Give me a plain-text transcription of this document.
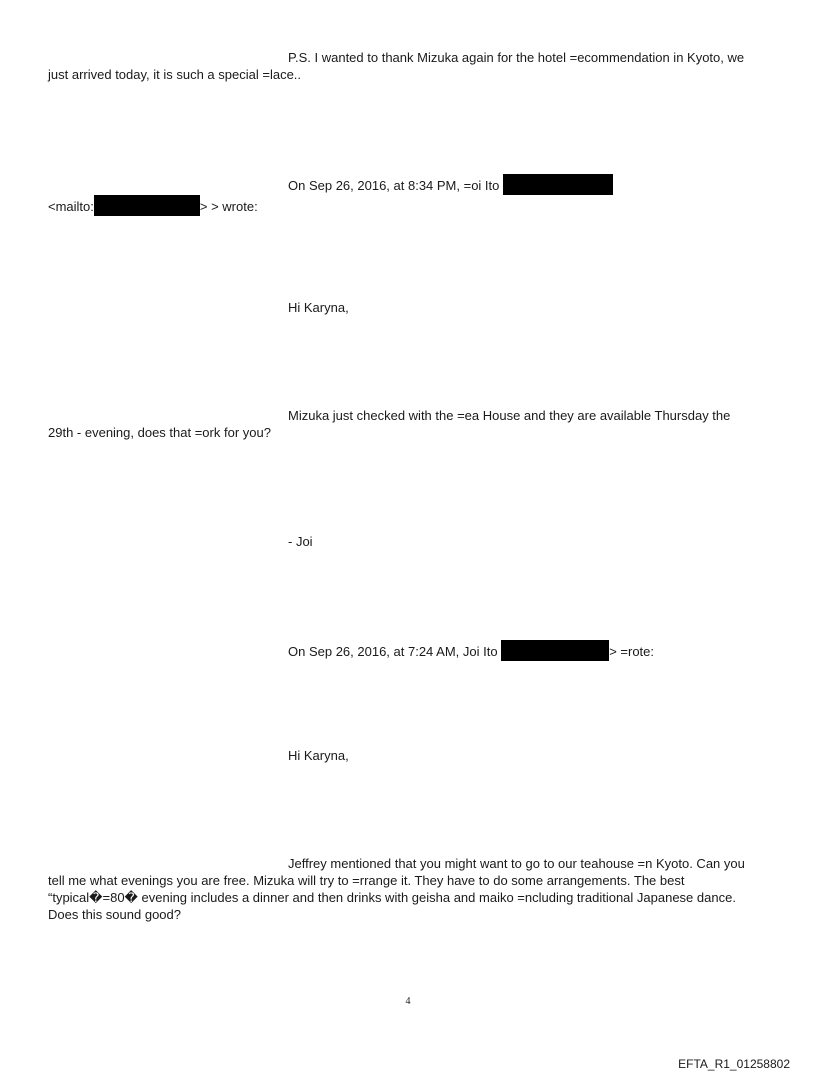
P.S. I wanted to thank Mizuka again for the hotel =ecommendation in Kyoto, we
just arrived today, it is such a special =lace..
On Sep 26, 2016, at 8:34 PM, =oi Ito
<mailto:	> > wrote:
Hi Karyna,
Mizuka just checked with the =ea House and they are available Thursday the
29th - evening, does that =ork for you?
- Joi
On Sep 26, 2016, at 7:24 AM, Joi Ito	> =rote:
Hi Karyna,
Jeffrey mentioned that you might want to go to our teahouse =n Kyoto. Can you
tell me what evenings you are free. Mizuka will try to =rrange it. They have to do some arrangements. The best
“typical�=80� evening includes a dinner and then drinks with geisha and maiko =ncluding traditional Japanese dance.
Does this sound good?
4
EFTA_R1_01258802
